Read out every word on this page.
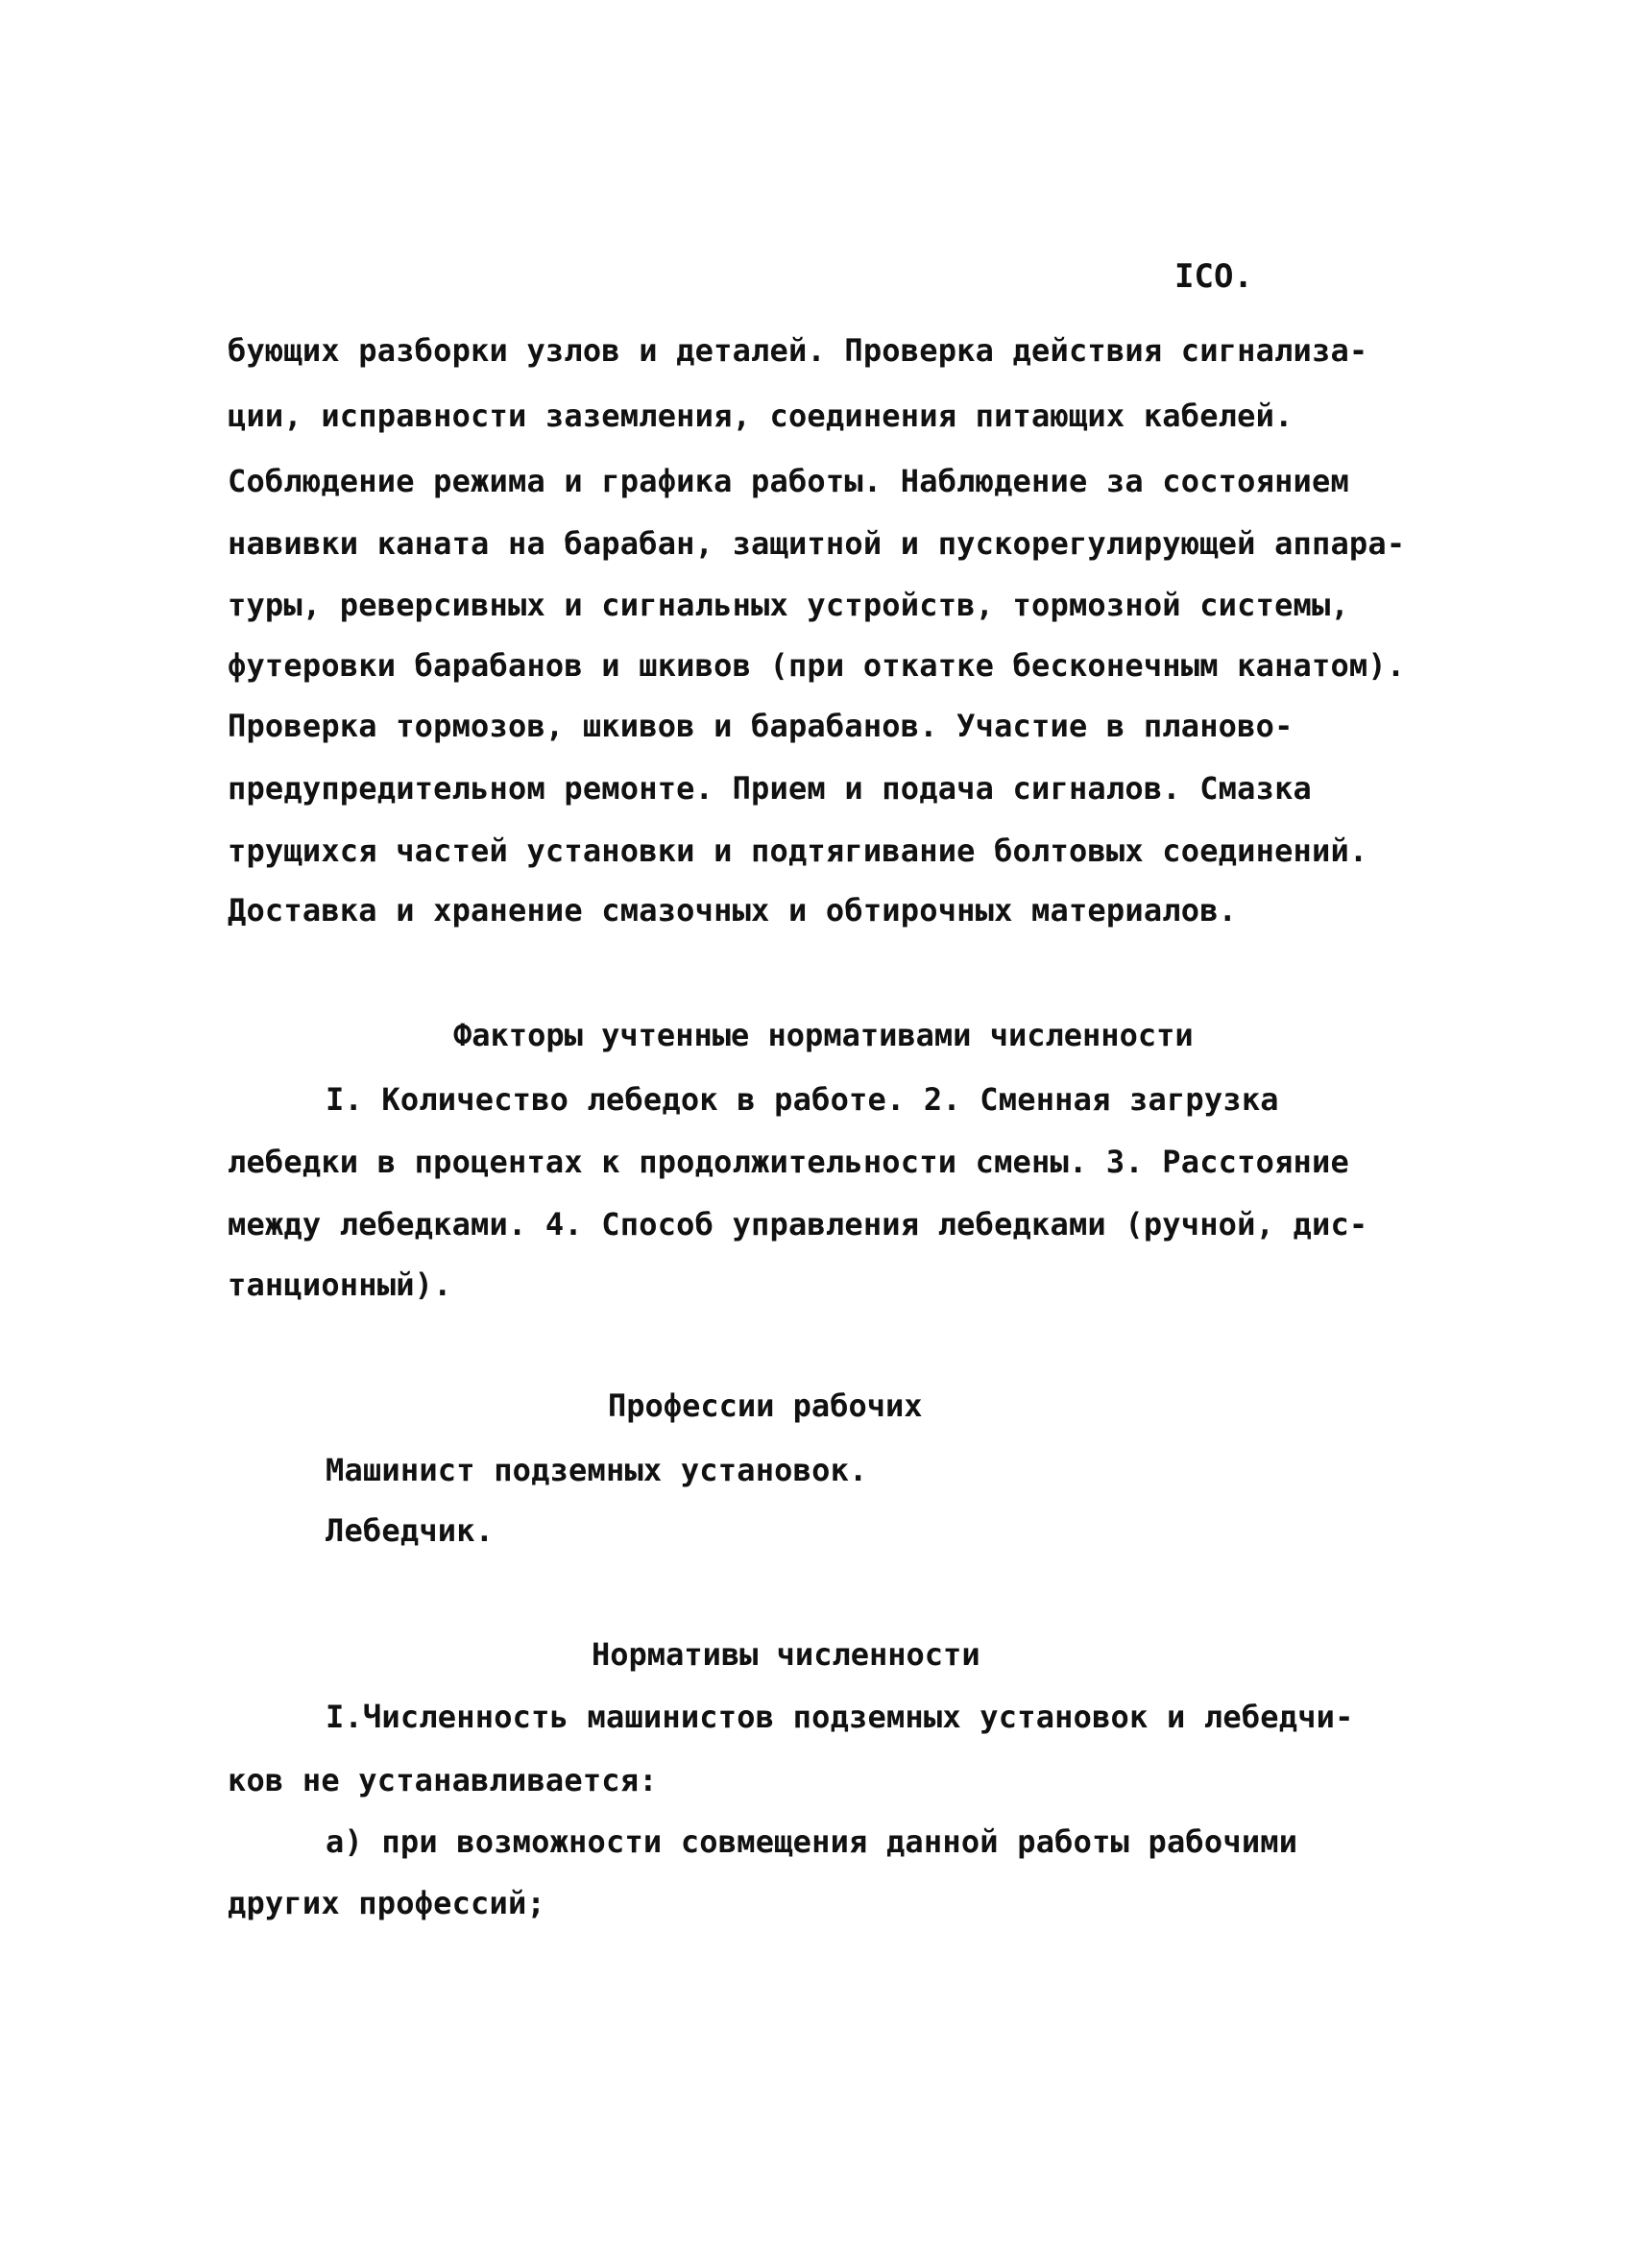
ICO.
бующих разборки узлов и деталей. Проверка действия сигнализа-
ции, исправности заземления, соединения питающих кабелей.
Соблюдение режима и графика работы. Наблюдение за состоянием
навивки каната на барабан, защитной и пускорегулирующей аппара-
туры, реверсивных и сигнальных устройств, тормозной системы,
футеровки барабанов и шкивов (при откатке бесконечным канатом).
Проверка тормозов, шкивов и барабанов. Участие в планово-
предупредительном ремонте. Прием и подача сигналов. Смазка
трущихся частей установки и подтягивание болтовых соединений.
Доставка и хранение смазочных и обтирочных материалов.
Факторы учтенные нормативами численности
I. Количество лебедок в работе. 2. Сменная загрузка
лебедки в процентах к продолжительности смены. 3. Расстояние
между лебедками. 4. Способ управления лебедками (ручной, дис-
танционный).
Профессии рабочих
Машинист подземных установок.
Лебедчик.
Нормативы численности
I.Численность машинистов подземных установок и лебедчи-
ков не устанавливается:
а) при возможности совмещения данной работы рабочими
других профессий;
